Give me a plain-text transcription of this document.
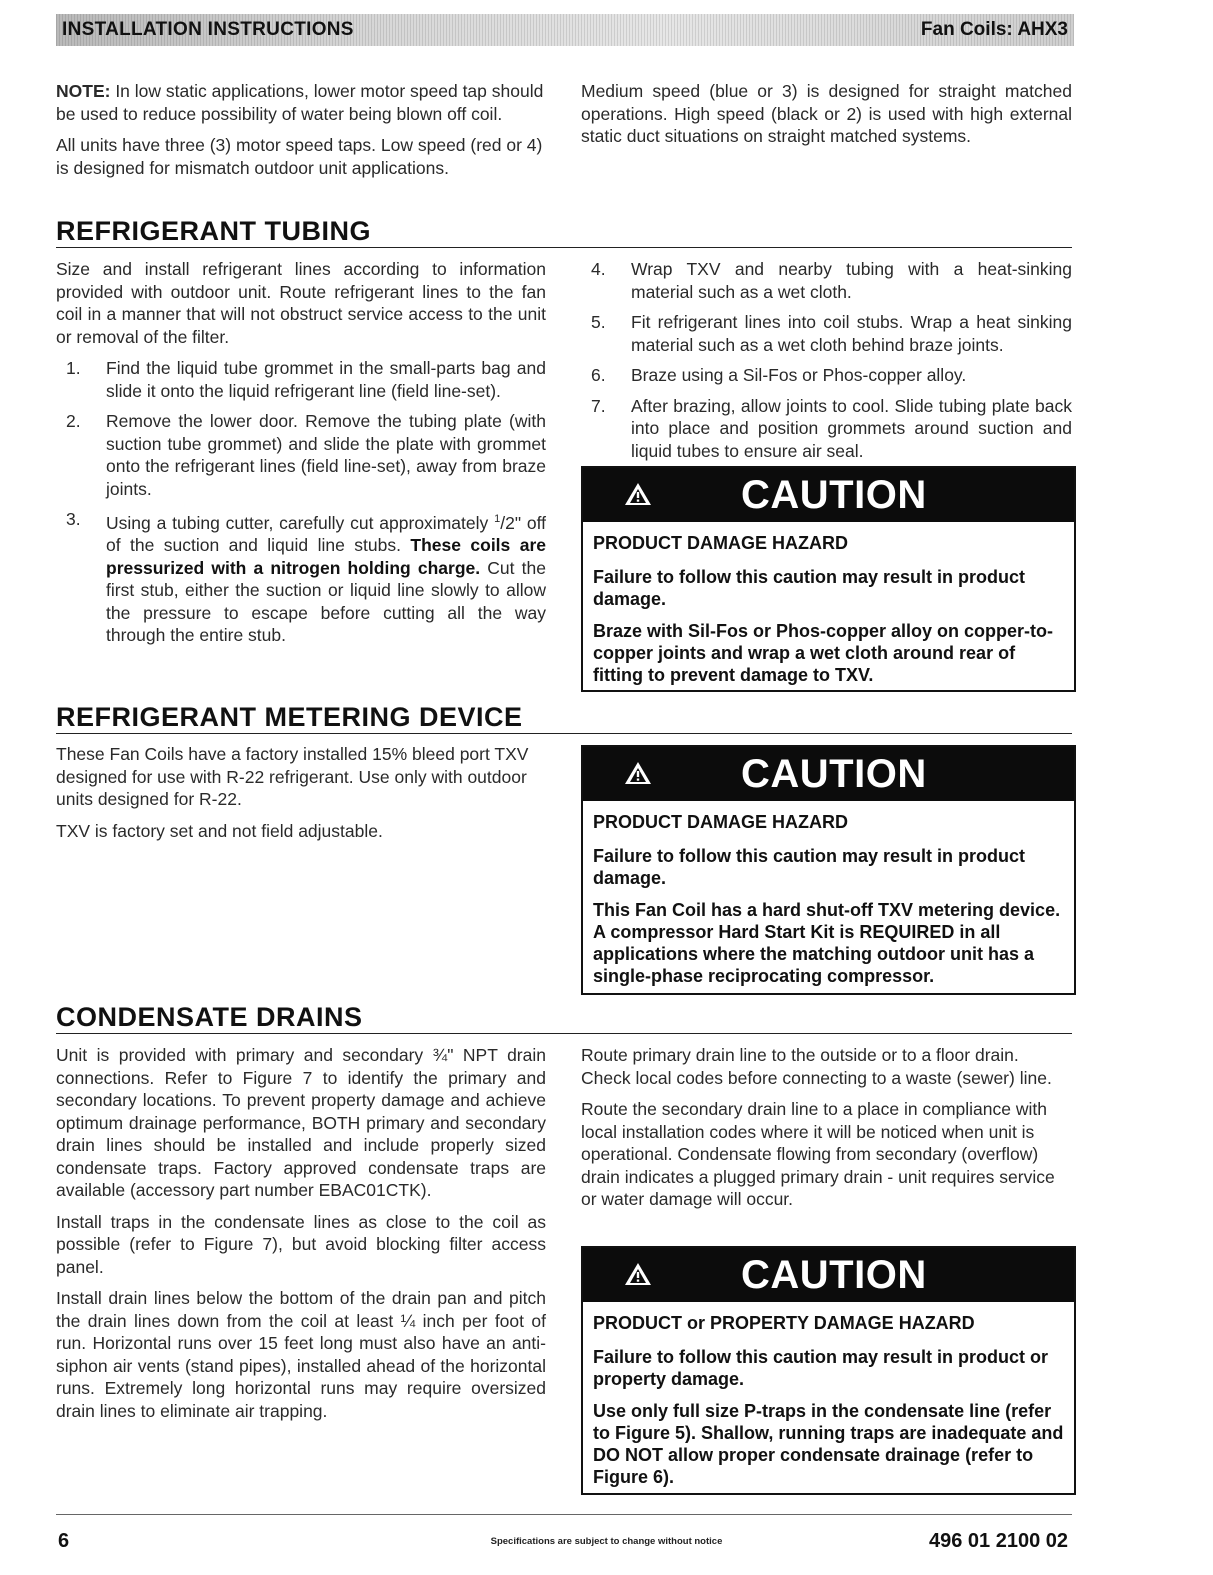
INSTALLATION INSTRUCTIONS	Fan Coils: AHX3

NOTE: In low static applications, lower motor speed tap should be used to reduce possibility of water being blown off coil.

All units have three (3) motor speed taps. Low speed (red or 4) is designed for mismatch outdoor unit applications.

Medium speed (blue or 3) is designed for straight matched operations. High speed (black or 2) is used with high external static duct situations on straight matched systems.

REFRIGERANT TUBING

Size and install refrigerant lines according to information provided with outdoor unit. Route refrigerant lines to the fan coil in a manner that will not obstruct service access to the unit or removal of the filter.

1. Find the liquid tube grommet in the small-parts bag and slide it onto the liquid refrigerant line (field line-set).
2. Remove the lower door. Remove the tubing plate (with suction tube grommet) and slide the plate with grommet onto the refrigerant lines (field line-set), away from braze joints.
3. Using a tubing cutter, carefully cut approximately $^1$/2" off of the suction and liquid line stubs. These coils are pressurized with a nitrogen holding charge. Cut the first stub, either the suction or liquid line slowly to allow the pressure to escape before cutting all the way through the entire stub.
4. Wrap TXV and nearby tubing with a heat-sinking material such as a wet cloth.
5. Fit refrigerant lines into coil stubs. Wrap a heat sinking material such as a wet cloth behind braze joints.
6. Braze using a Sil-Fos or Phos-copper alloy.
7. After brazing, allow joints to cool. Slide tubing plate back into place and position grommets around suction and liquid tubes to ensure air seal.
CAUTION

PRODUCT DAMAGE HAZARD

Failure to follow this caution may result in product damage.

Braze with Sil-Fos or Phos-copper alloy on copper-to-copper joints and wrap a wet cloth around rear of fitting to prevent damage to TXV.

REFRIGERANT METERING DEVICE

These Fan Coils have a factory installed 15% bleed port TXV designed for use with R-22 refrigerant. Use only with outdoor units designed for R-22.

TXV is factory set and not field adjustable.

CAUTION

PRODUCT DAMAGE HAZARD

Failure to follow this caution may result in product damage.

This Fan Coil has a hard shut-off TXV metering device. A compressor Hard Start Kit is REQUIRED in all applications where the matching outdoor unit has a single-phase reciprocating compressor.

CONDENSATE DRAINS

Unit is provided with primary and secondary ¾" NPT drain connections. Refer to Figure 7 to identify the primary and secondary locations. To prevent property damage and achieve optimum drainage performance, BOTH primary and secondary drain lines should be installed and include properly sized condensate traps. Factory approved condensate traps are available (accessory part number EBAC01CTK).

Install traps in the condensate lines as close to the coil as possible (refer to Figure 7), but avoid blocking filter access panel.

Install drain lines below the bottom of the drain pan and pitch the drain lines down from the coil at least ¼ inch per foot of run. Horizontal runs over 15 feet long must also have an anti-siphon air vents (stand pipes), installed ahead of the horizontal runs. Extremely long horizontal runs may require oversized drain lines to eliminate air trapping.

Route primary drain line to the outside or to a floor drain. Check local codes before connecting to a waste (sewer) line.

Route the secondary drain line to a place in compliance with local installation codes where it will be noticed when unit is operational. Condensate flowing from secondary (overflow) drain indicates a plugged primary drain - unit requires service or water damage will occur.

CAUTION

PRODUCT or PROPERTY DAMAGE HAZARD

Failure to follow this caution may result in product or property damage.

Use only full size P-traps in the condensate line (refer to Figure 5). Shallow, running traps are inadequate and DO NOT allow proper condensate drainage (refer to Figure 6).

6	Specifications are subject to change without notice	496 01 2100 02
